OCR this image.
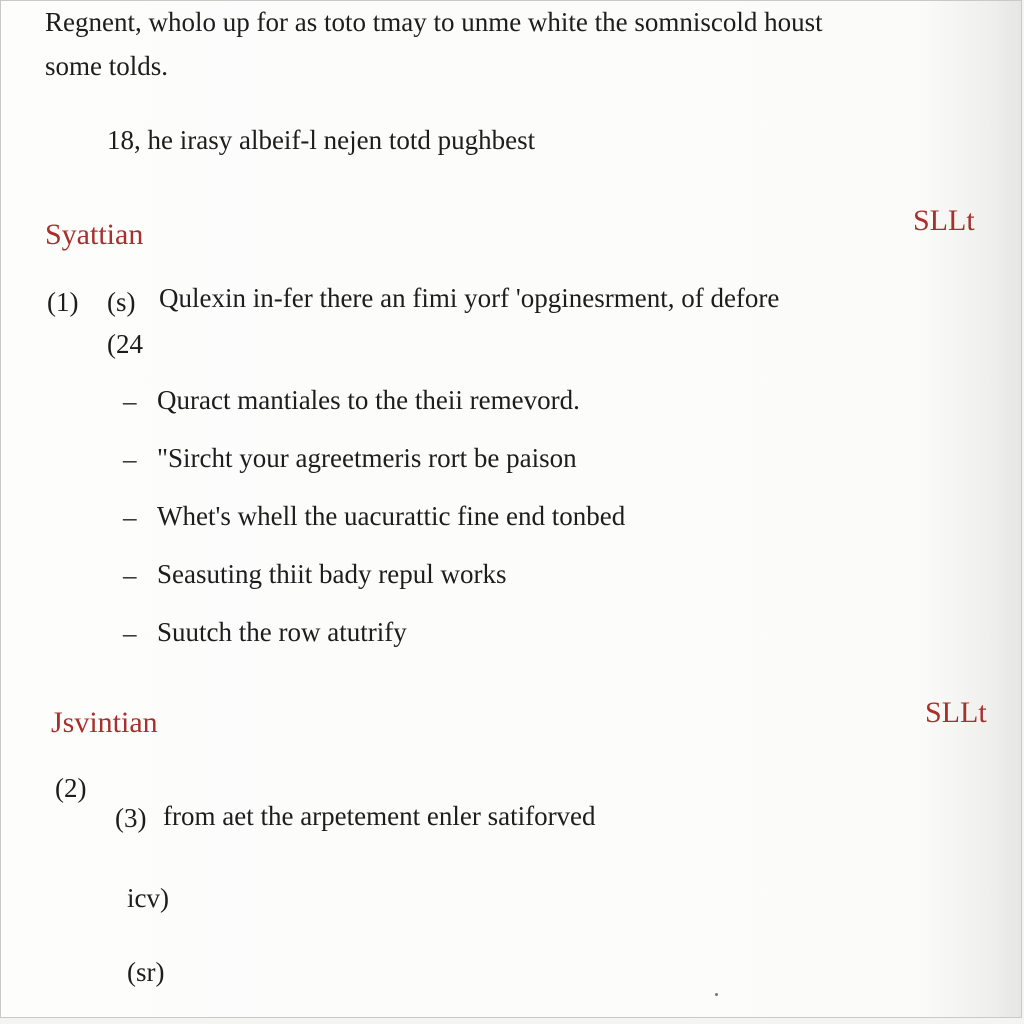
Regnent, wholo up for as toto tmay to unme white the somniscold houst
some tolds.
18, he irasy albeif-l nejen totd pughbest
Syattian	SLLt
(1) (s) Qulexin in-fer there an fimi yorf 'opginesrment, of defore
(24
– Quract mantiales to the theii remevord.
– "Sircht your agreetmeris rort be paison
– Whet's whell the uacurattic fine end tonbed
– Seasuting thiit bady repul works
– Suutch the row atutrify
Jsvintian	SLLt
(2)
(3) from aet the arpetement enler satiforved
icv)
(sr)
